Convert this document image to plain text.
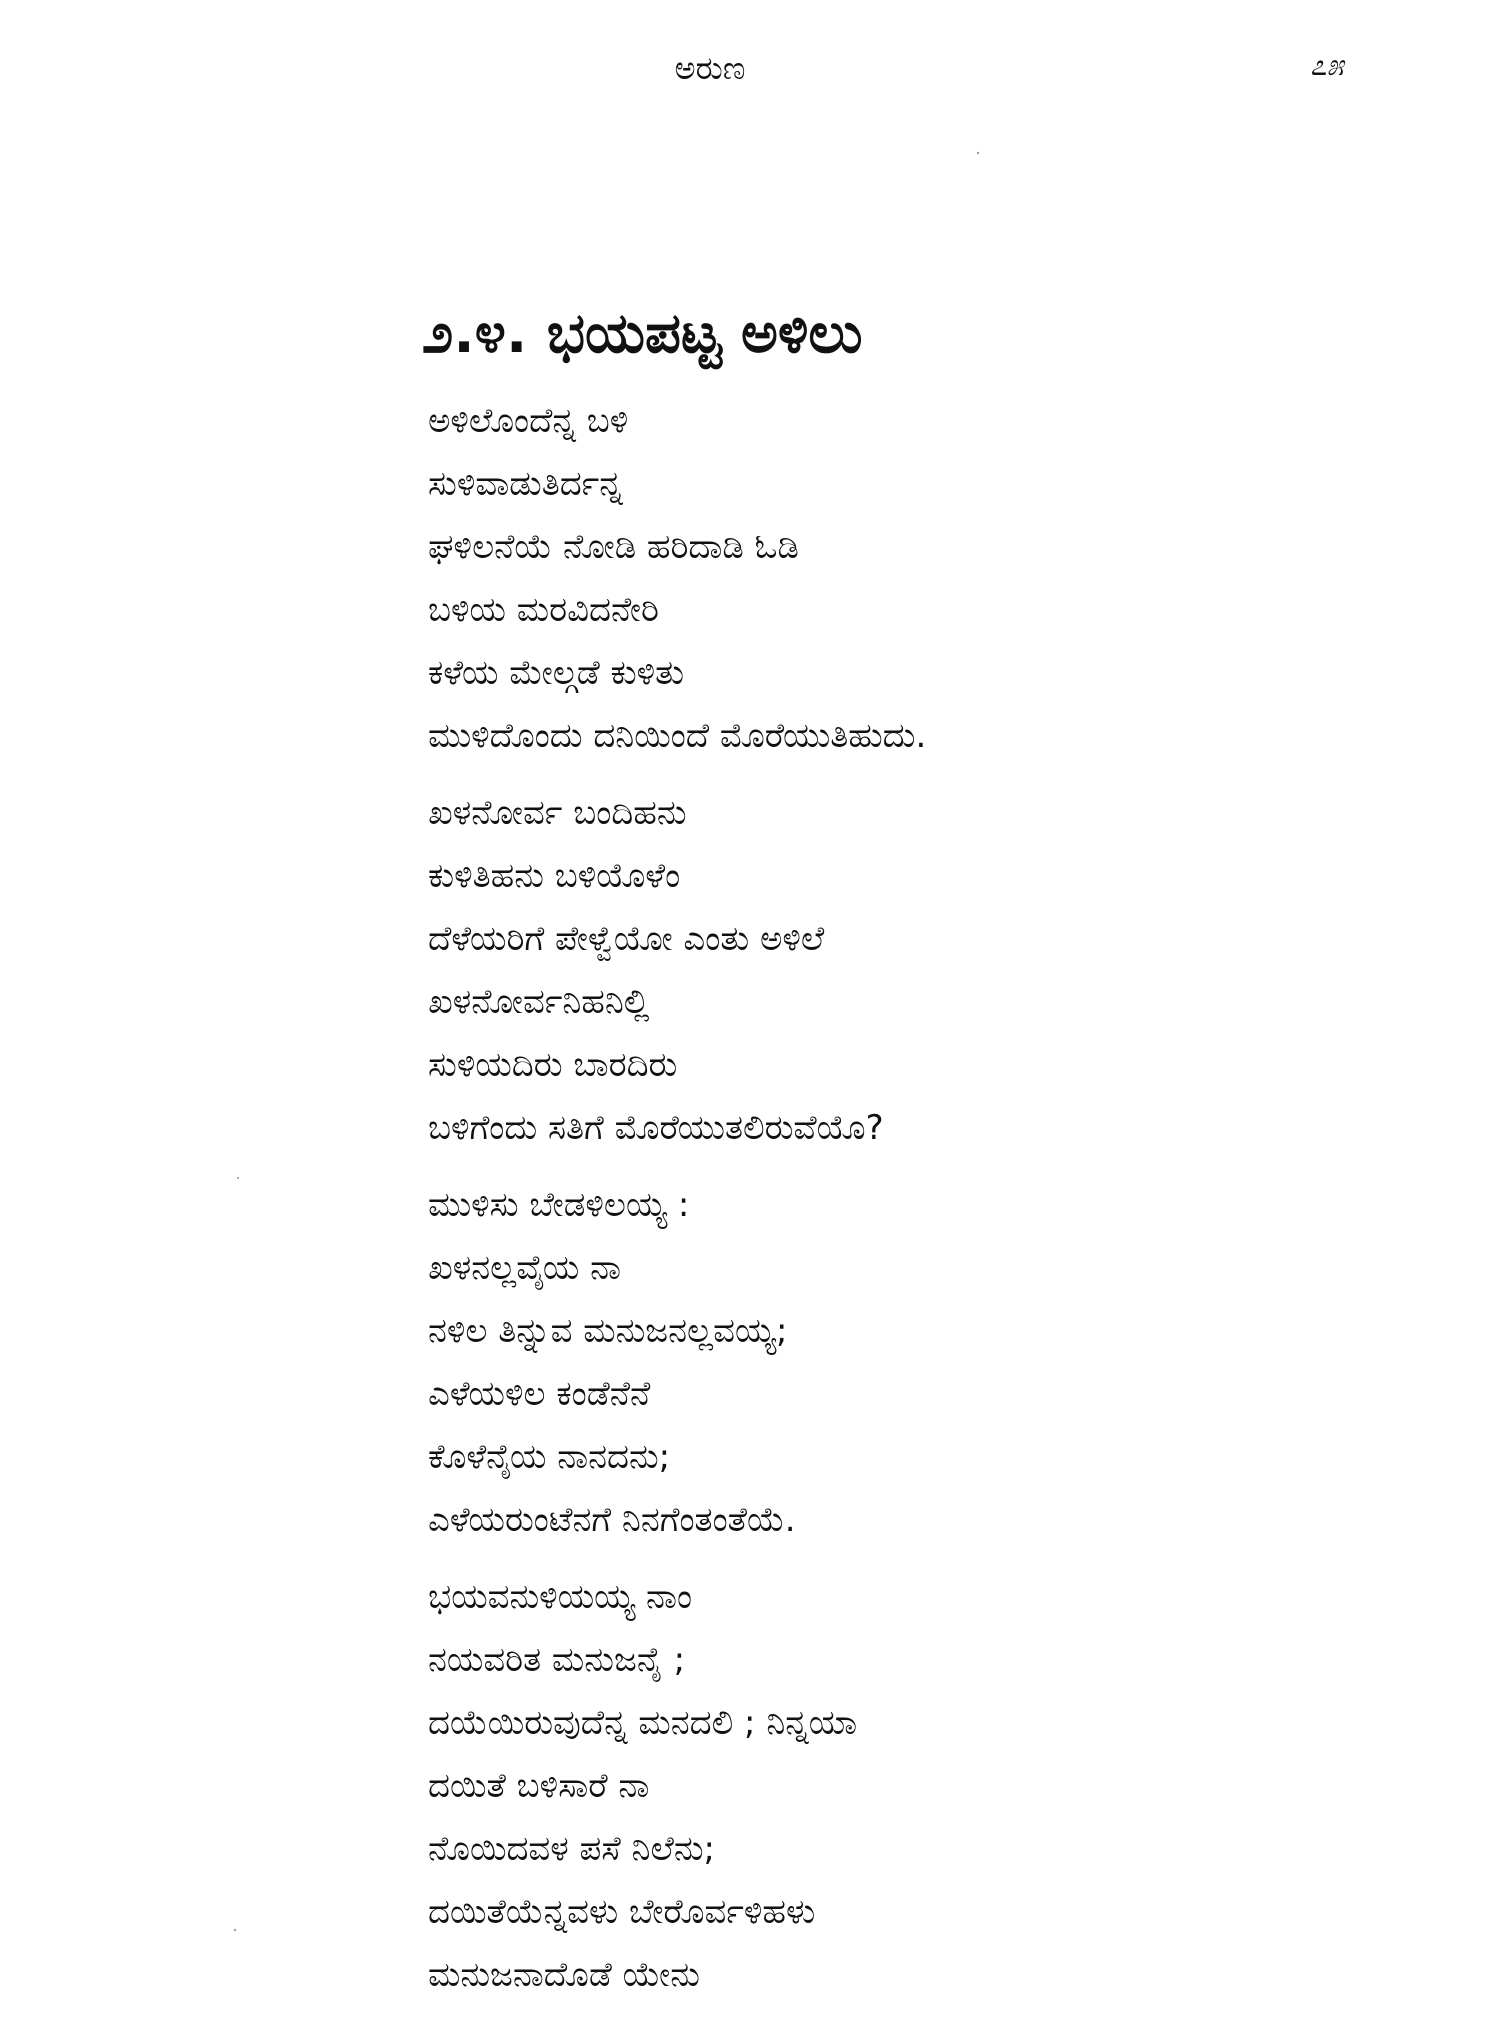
ಅರುಣ	೭೫
೨.೪. ಭಯಪಟ್ಟ ಅಳಿಲು
ಅಳಿಲೊಂದೆನ್ನ ಬಳಿ
ಸುಳಿವಾಡುತಿರ್ದನ್ನ
ಘಳಿಲನೆಯೆ ನೋಡಿ ಹರಿದಾಡಿ ಓಡಿ
ಬಳಿಯ ಮರವಿದನೇರಿ
ಕಳೆಯ ಮೇಲ್ಗಡೆ ಕುಳಿತು
ಮುಳಿದೊಂದು ದನಿಯಿಂದೆ ಮೊರೆಯುತಿಹುದು.
ಖಳನೋರ್ವ ಬಂದಿಹನು
ಕುಳಿತಿಹನು ಬಳಿಯೊಳೆಂ
ದೆಳೆಯರಿಗೆ ಪೇಳ್ವೆಯೋ ಎಂತು ಅಳಿಲೆ
ಖಳನೋರ್ವನಿಹನಿಲ್ಲಿ
ಸುಳಿಯದಿರು ಬಾರದಿರು
ಬಳಿಗೆಂದು ಸತಿಗೆ ಮೊರೆಯುತಲಿರುವೆಯೊ?
ಮುಳಿಸು ಬೇಡಳಿಲಯ್ಯ :
ಖಳನಲ್ಲವೈಯ ನಾ
ನಳಿಲ ತಿನ್ನುವ ಮನುಜನಲ್ಲವಯ್ಯ;
ಎಳೆಯಳಿಲ ಕಂಡೆನೆನೆ
ಕೊಳೆನೈಯ ನಾನದನು;
ಎಳೆಯರುಂಟೆನಗೆ ನಿನಗೆಂತಂತೆಯೆ.
ಭಯವನುಳಿಯಯ್ಯ ನಾಂ
ನಯವರಿತ ಮನುಜನೈ ;
ದಯೆಯಿರುವುದೆನ್ನ ಮನದಲಿ ; ನಿನ್ನಯಾ
ದಯಿತೆ ಬಳಿಸಾರೆ ನಾ
ನೊಯಿದವಳ ಪಸೆ ನಿಲೆನು;
ದಯಿತೆಯೆನ್ನವಳು ಬೇರೊರ್ವಳಿಹಳು
ಮನುಜನಾದೊಡೆ ಯೇನು
